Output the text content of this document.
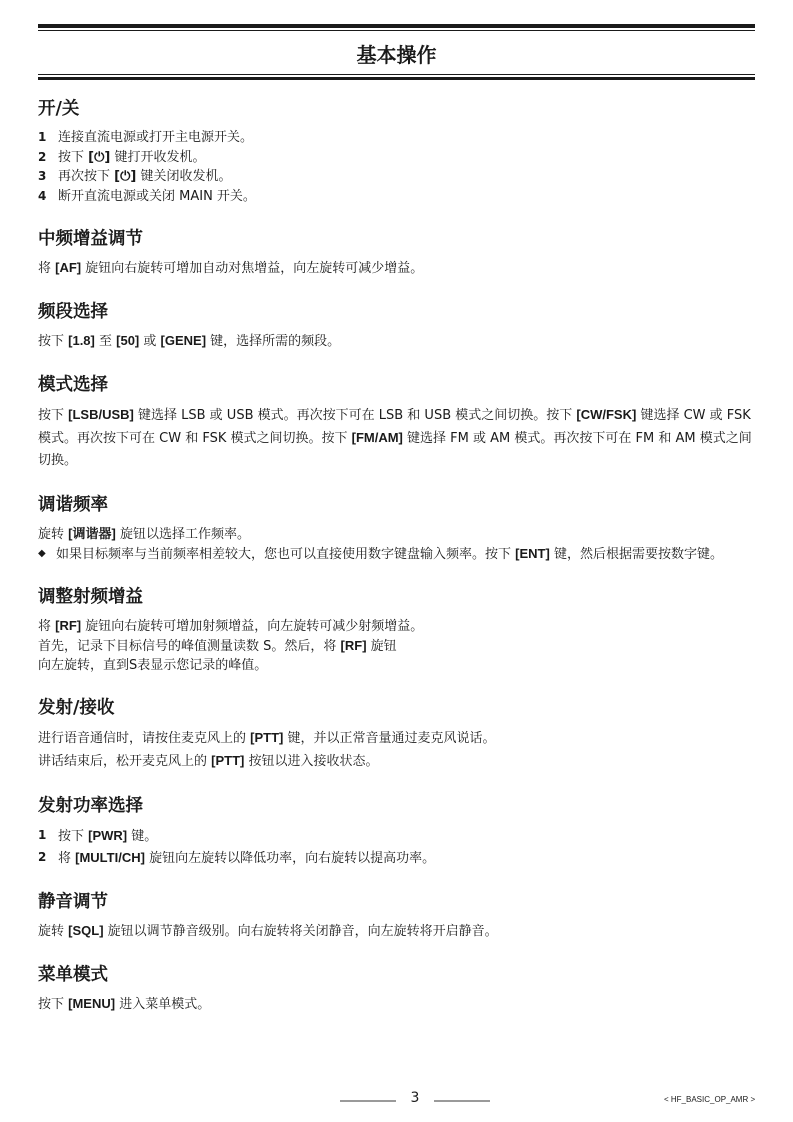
基本操作
开/关
1 连接直流电源或打开主电源开关。
2 按下 [⏻] 键打开收发机。
3 再次按下 [⏻] 键关闭收发机。
4 断开直流电源或关闭 MAIN 开关。
中频增益调节

将 [AF] 旋钮向右旋转可增加自动对焦增益，向左旋转可减少增益。

频段选择

按下 [1.8] 至 [50] 或 [GENE] 键，选择所需的频段。

模式选择

按下 [LSB/USB] 键选择 LSB 或 USB 模式。再次按下可在 LSB 和 USB 模式之间切换。按下 [CW/FSK] 键选择 CW 或 FSK 模式。再次按下可在 CW 和 FSK 模式之间切换。按下 [FM/AM] 键选择 FM 或 AM 模式。再次按下可在 FM 和 AM 模式之间切换。

调谐频率

旋转 [调谐器] 旋钮以选择工作频率。

◆ 如果目标频率与当前频率相差较大，您也可以直接使用数字键盘输入频率。按下 [ENT] 键，然后根据需要按数字键。
调整射频增益

将 [RF] 旋钮向右旋转可增加射频增益，向左旋转可减少射频增益。
首先，记录下目标信号的峰值测量读数 S。然后，将 [RF] 旋钮
向左旋转，直到S表显示您记录的峰值。

发射/接收

进行语音通信时，请按住麦克风上的 [PTT] 键，并以正常音量通过麦克风说话。
讲话结束后，松开麦克风上的 [PTT] 按钮以进入接收状态。

发射功率选择
1 按下 [PWR] 键。
2 将 [MULTI/CH] 旋钮向左旋转以降低功率，向右旋转以提高功率。
静音调节

旋转 [SQL] 旋钮以调节静音级别。向右旋转将关闭静音，向左旋转将开启静音。

菜单模式

按下 [MENU] 进入菜单模式。

3	< HF_BASIC_OP_AMR >
